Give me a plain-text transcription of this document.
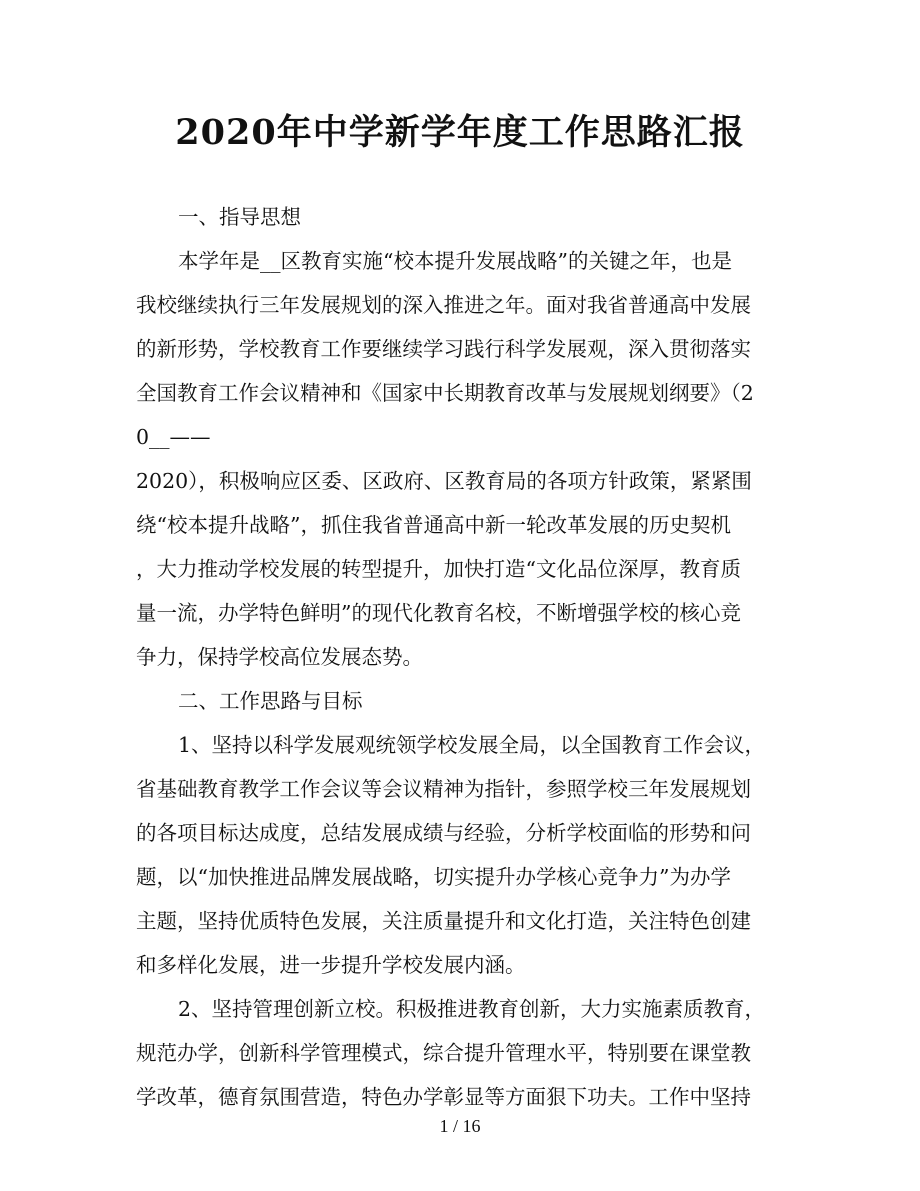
2020年中学新学年度工作思路汇报
一、指导思想
本学年是__区教育实施“校本提升发展战略”的关键之年，也是
我校继续执行三年发展规划的深入推进之年。面对我省普通高中发展
的新形势，学校教育工作要继续学习践行科学发展观，深入贯彻落实
全国教育工作会议精神和《国家中长期教育改革与发展规划纲要》（2
0__——
2020），积极响应区委、区政府、区教育局的各项方针政策，紧紧围
绕“校本提升战略”，抓住我省普通高中新一轮改革发展的历史契机
，大力推动学校发展的转型提升，加快打造“文化品位深厚，教育质
量一流，办学特色鲜明”的现代化教育名校，不断增强学校的核心竞
争力，保持学校高位发展态势。
二、工作思路与目标
1、坚持以科学发展观统领学校发展全局，以全国教育工作会议，
省基础教育教学工作会议等会议精神为指针，参照学校三年发展规划
的各项目标达成度，总结发展成绩与经验，分析学校面临的形势和问
题，以“加快推进品牌发展战略，切实提升办学核心竞争力”为办学
主题，坚持优质特色发展，关注质量提升和文化打造，关注特色创建
和多样化发展，进一步提升学校发展内涵。
2、坚持管理创新立校。积极推进教育创新，大力实施素质教育，
规范办学，创新科学管理模式，综合提升管理水平，特别要在课堂教
学改革，德育氛围营造，特色办学彰显等方面狠下功夫。工作中坚持
1 / 16
